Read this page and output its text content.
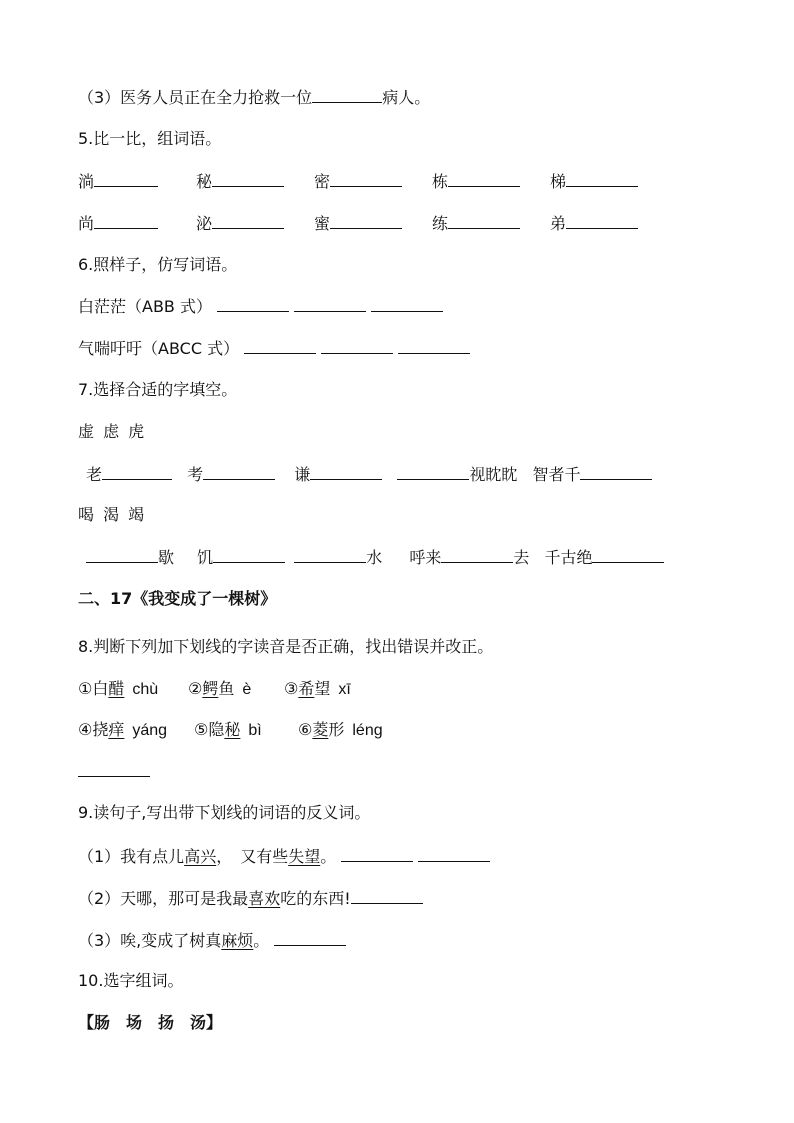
（3）医务人员正在全力抢救一位	病人。
5.比一比，组词语。
淌	秘	密	栋	梯
尚	泌	蜜	练	弟
6.照样子，仿写词语。
白茫茫（ABB 式）
气喘吁吁（ABCC 式）
7.选择合适的字填空。
虚 虑 虎
老	考	谦	视眈眈 智者千
喝 渴 竭
歇 饥	水 呼来	去 千古绝
二、17《我变成了一棵树》
8.判断下列加下划线的字读音是否正确，找出错误并改正。
①白醋 chù ②鳄鱼 è ③希望 xī
④挠痒 yáng ⑤隐秘 bì ⑥菱形 léng
9.读句子,写出带下划线的词语的反义词。
（1）我有点儿高兴，　又有些失望。
（2）天哪，那可是我最喜欢吃的东西!
（3）唉,变成了树真麻烦。
10.选字组词。
【肠　场　扬　汤】
